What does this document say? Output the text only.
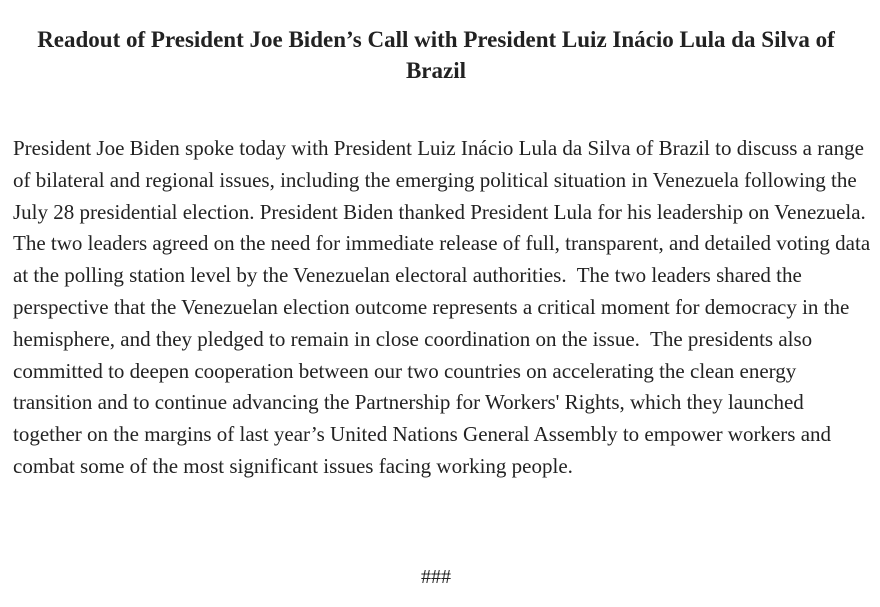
Readout of President Joe Biden’s Call with President Luiz Inácio Lula da Silva of Brazil

President Joe Biden spoke today with President Luiz Inácio Lula da Silva of Brazil to discuss a range of bilateral and regional issues, including the emerging political situation in Venezuela following the July 28 presidential election. President Biden thanked President Lula for his leadership on Venezuela.  The two leaders agreed on the need for immediate release of full, transparent, and detailed voting data at the polling station level by the Venezuelan electoral authorities.  The two leaders shared the perspective that the Venezuelan election outcome represents a critical moment for democracy in the hemisphere, and they pledged to remain in close coordination on the issue.  The presidents also committed to deepen cooperation between our two countries on accelerating the clean energy transition and to continue advancing the Partnership for Workers' Rights, which they launched together on the margins of last year’s United Nations General Assembly to empower workers and combat some of the most significant issues facing working people.

###
